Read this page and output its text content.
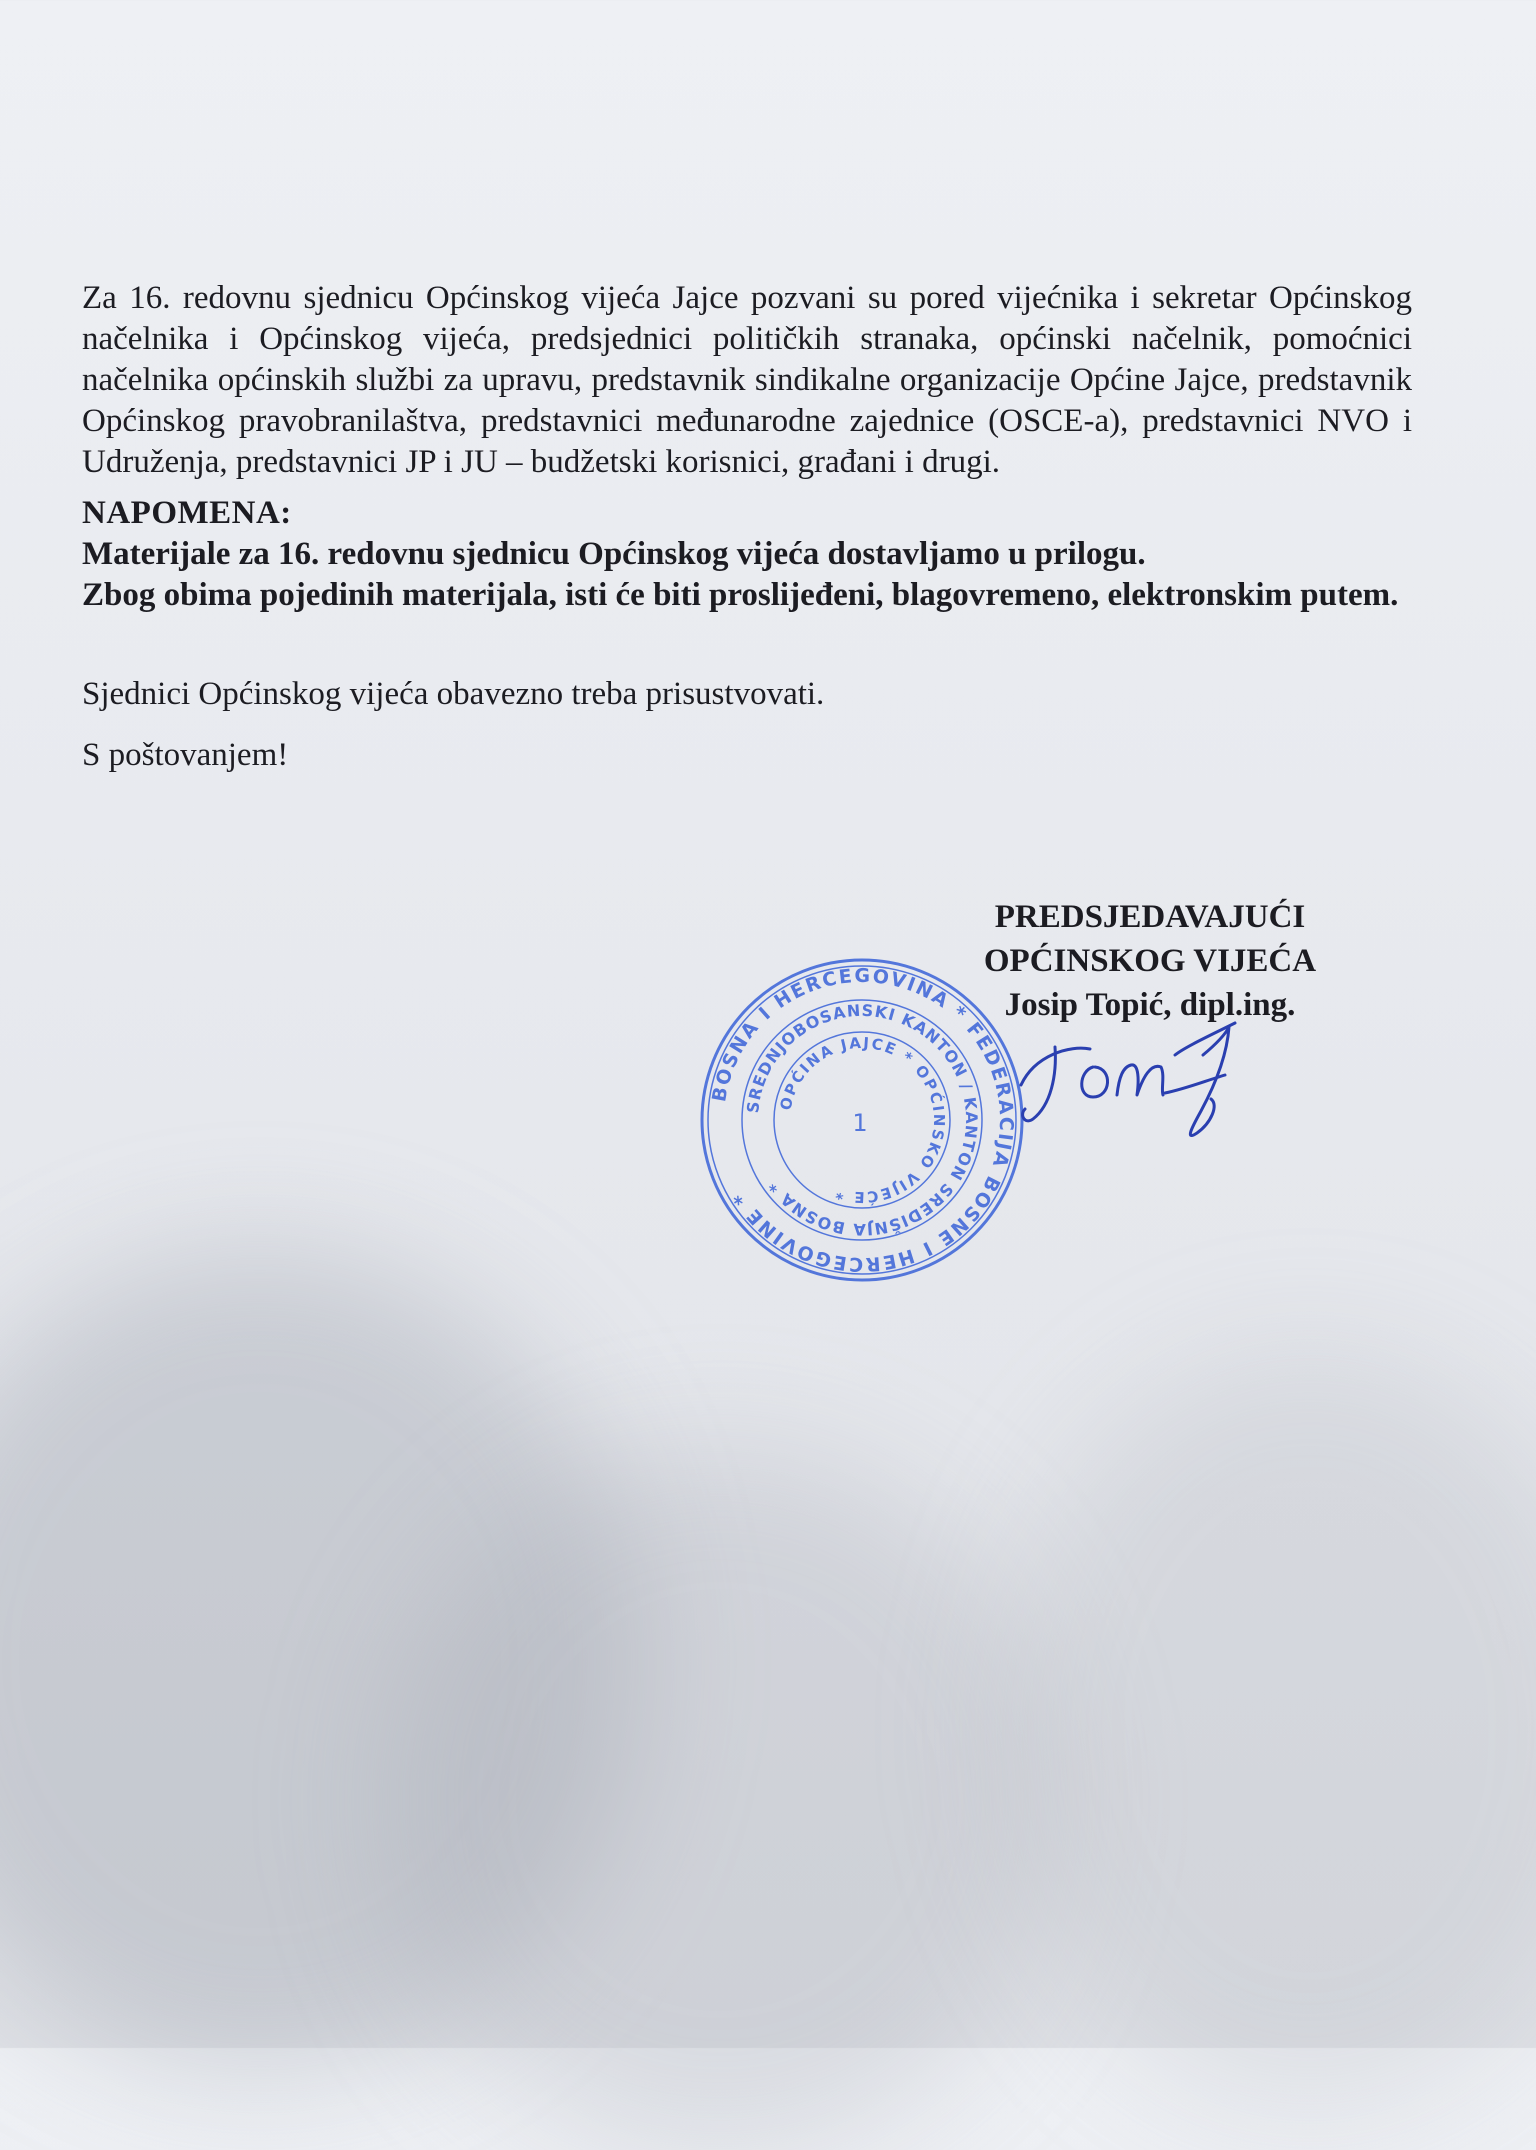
Za 16. redovnu sjednicu Općinskog vijeća Jajce pozvani su pored vijećnika i sekretar Općinskog načelnika i Općinskog vijeća, predsjednici političkih stranaka, općinski načelnik, pomoćnici načelnika općinskih službi za upravu, predstavnik sindikalne organizacije Općine Jajce, predstavnik Općinskog pravobranilaštva, predstavnici međunarodne zajednice (OSCE-a), predstavnici NVO i Udruženja, predstavnici JP i JU – budžetski korisnici, građani i drugi.

NAPOMENA:

Materijale za 16. redovnu sjednicu Općinskog vijeća dostavljamo u prilogu.

Zbog obima pojedinih materijala, isti će biti proslijeđeni, blagovremeno, elektronskim putem.

Sjednici Općinskog vijeća obavezno treba prisustvovati.

S poštovanjem!

PREDSJEDAVAJUĆI
OPĆINSKOG VIJEĆA
Josip Topić, dipl.ing.
BOSNA I HERCEGOVINA * FEDERACIJA BOSNE I HERCEGOVINE *
SREDNJOBOSANSKI KANTON / KANTON SREDIŠNJA BOSNA *
OPĆINA JAJCE * OPĆINSKO VIJEĆE *
1
